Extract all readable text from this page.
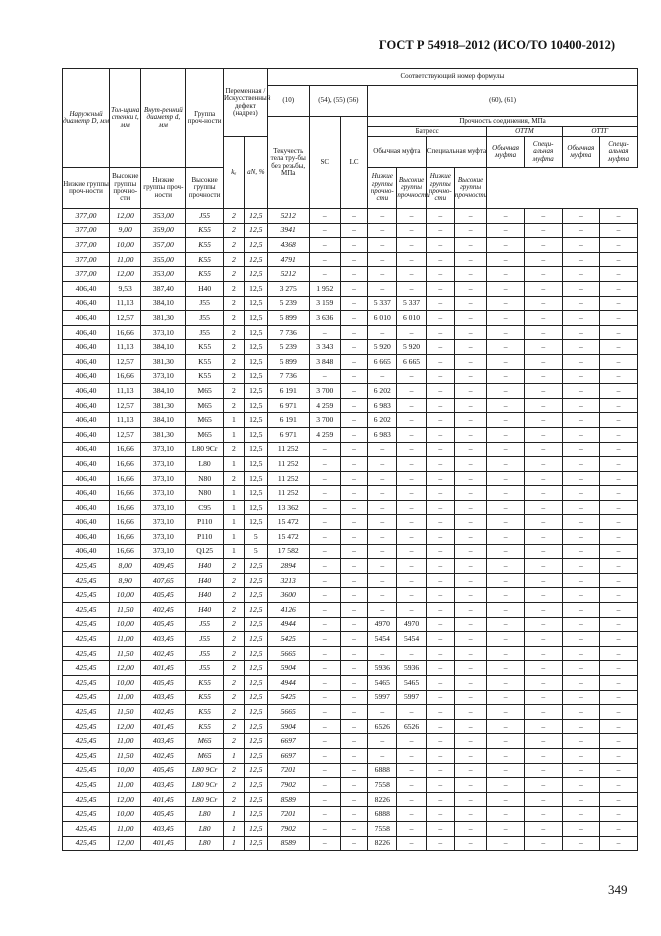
ГОСТ Р 54918–2012 (ИСО/ТО 10400-2012)
Наружный диаметр D, мм	Тол-щина стенки t, мм	Внут-ренний диаметр d, мм	Группа проч-ности	Переменная /Искусственный дефект (надрез)		Соответствующий номер формулы										
						(10)	(54), (55) (56)		(60), (61)							
						Текучесть тела тру-бы без резьбы, МПа	SC	LC	Прочность соединения, МПа							
									Батресс				ОТТМ		ОТТГ	
				kₐ	aN, %				Обычная муфта		Специальная муфта		Обычная муфта	Специ-альная муфта	Обычная муфта	Специ-альная муфта
Низкие группы проч-ности	Высокие группы прочно-сти	Низкие группы проч-ности	Высокие группы прочности						Низкие группы прочно-сти	Высокие группы прочности	Низкие группы прочно-сти	Высокие группы прочности				
377,00	12,00	353,00	J55	2	12,5	5212	–	–	–	–	–	–	–	–	–	–
377,00	9,00	359,00	K55	2	12,5	3941	–	–	–	–	–	–	–	–	–	–
377,00	10,00	357,00	K55	2	12,5	4368	–	–	–	–	–	–	–	–	–	–
377,00	11,00	355,00	K55	2	12,5	4791	–	–	–	–	–	–	–	–	–	–
377,00	12,00	353,00	K55	2	12,5	5212	–	–	–	–	–	–	–	–	–	–
406,40	9,53	387,40	H40	2	12,5	3 275	1 952	–	–	–	–	–	–	–	–	–
406,40	11,13	384,10	J55	2	12,5	5 239	3 159	–	5 337	5 337	–	–	–	–	–	–
406,40	12,57	381,30	J55	2	12,5	5 899	3 636	–	6 010	6 010	–	–	–	–	–	–
406,40	16,66	373,10	J55	2	12,5	7 736	–	–	–	–	–	–	–	–	–	–
406,40	11,13	384,10	K55	2	12,5	5 239	3 343	–	5 920	5 920	–	–	–	–	–	–
406,40	12,57	381,30	K55	2	12,5	5 899	3 848	–	6 665	6 665	–	–	–	–	–	–
406,40	16,66	373,10	K55	2	12,5	7 736	–	–	–	–	–	–	–	–	–	–
406,40	11,13	384,10	M65	2	12,5	6 191	3 700	–	6 202	–	–	–	–	–	–	–
406,40	12,57	381,30	M65	2	12,5	6 971	4 259	–	6 983	–	–	–	–	–	–	–
406,40	11,13	384,10	M65	1	12,5	6 191	3 700	–	6 202	–	–	–	–	–	–	–
406,40	12,57	381,30	M65	1	12,5	6 971	4 259	–	6 983	–	–	–	–	–	–	–
406,40	16,66	373,10	L80 9Cr	2	12,5	11 252	–	–	–	–	–	–	–	–	–	–
406,40	16,66	373,10	L80	1	12,5	11 252	–	–	–	–	–	–	–	–	–	–
406,40	16,66	373,10	N80	2	12,5	11 252	–	–	–	–	–	–	–	–	–	–
406,40	16,66	373,10	N80	1	12,5	11 252	–	–	–	–	–	–	–	–	–	–
406,40	16,66	373,10	C95	1	12,5	13 362	–	–	–	–	–	–	–	–	–	–
406,40	16,66	373,10	P110	1	12,5	15 472	–	–	–	–	–	–	–	–	–	–
406,40	16,66	373,10	P110	1	5	15 472	–	–	–	–	–	–	–	–	–	–
406,40	16,66	373,10	Q125	1	5	17 582	–	–	–	–	–	–	–	–	–	–
425,45	8,00	409,45	H40	2	12,5	2894	–	–	–	–	–	–	–	–	–	–
425,45	8,90	407,65	H40	2	12,5	3213	–	–	–	–	–	–	–	–	–	–
425,45	10,00	405,45	H40	2	12,5	3600	–	–	–	–	–	–	–	–	–	–
425,45	11,50	402,45	H40	2	12,5	4126	–	–	–	–	–	–	–	–	–	–
425,45	10,00	405,45	J55	2	12,5	4944	–	–	4970	4970	–	–	–	–	–	–
425,45	11,00	403,45	J55	2	12,5	5425	–	–	5454	5454	–	–	–	–	–	–
425,45	11,50	402,45	J55	2	12,5	5665	–	–	–	–	–	–	–	–	–	–
425,45	12,00	401,45	J55	2	12,5	5904	–	–	5936	5936	–	–	–	–	–	–
425,45	10,00	405,45	K55	2	12,5	4944	–	–	5465	5465	–	–	–	–	–	–
425,45	11,00	403,45	K55	2	12,5	5425	–	–	5997	5997	–	–	–	–	–	–
425,45	11,50	402,45	K55	2	12,5	5665	–	–	–	–	–	–	–	–	–	–
425,45	12,00	401,45	K55	2	12,5	5904	–	–	6526	6526	–	–	–	–	–	–
425,45	11,00	403,45	M65	2	12,5	6697	–	–	–	–	–	–	–	–	–	–
425,45	11,50	402,45	M65	1	12,5	6697	–	–	–	–	–	–	–	–	–	–
425,45	10,00	405,45	L80 9Cr	2	12,5	7201	–	–	6888	–	–	–	–	–	–	–
425,45	11,00	403,45	L80 9Cr	2	12,5	7902	–	–	7558	–	–	–	–	–	–	–
425,45	12,00	401,45	L80 9Cr	2	12,5	8589	–	–	8226	–	–	–	–	–	–	–
425,45	10,00	405,45	L80	1	12,5	7201	–	–	6888	–	–	–	–	–	–	–
425,45	11,00	403,45	L80	1	12,5	7902	–	–	7558	–	–	–	–	–	–	–
425,45	12,00	401,45	L80	1	12,5	8589	–	–	8226	–	–	–	–	–	–	–
349
